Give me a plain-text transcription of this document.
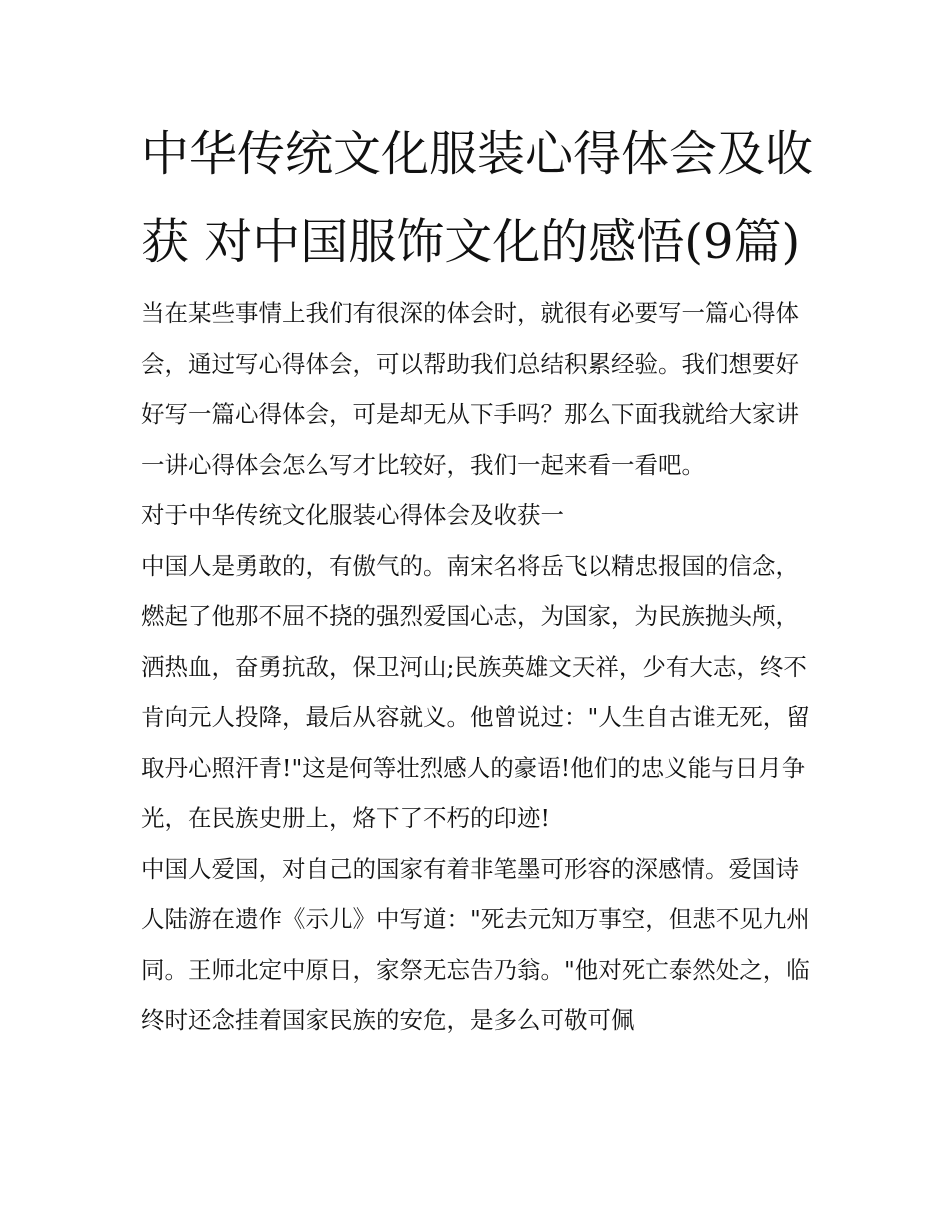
中华传统文化服装心得体会及收获 对中国服饰文化的感悟(9篇)

当在某些事情上我们有很深的体会时，就很有必要写一篇心得体会，通过写心得体会，可以帮助我们总结积累经验。我们想要好好写一篇心得体会，可是却无从下手吗？那么下面我就给大家讲一讲心得体会怎么写才比较好，我们一起来看一看吧。

对于中华传统文化服装心得体会及收获一

中国人是勇敢的，有傲气的。南宋名将岳飞以精忠报国的信念，燃起了他那不屈不挠的强烈爱国心志，为国家，为民族抛头颅，洒热血，奋勇抗敌，保卫河山;民族英雄文天祥，少有大志，终不肯向元人投降，最后从容就义。他曾说过："人生自古谁无死，留取丹心照汗青!"这是何等壮烈感人的豪语!他们的忠义能与日月争光，在民族史册上，烙下了不朽的印迹!

中国人爱国，对自己的国家有着非笔墨可形容的深感情。爱国诗人陆游在遗作《示儿》中写道："死去元知万事空，但悲不见九州同。王师北定中原日，家祭无忘告乃翁。"他对死亡泰然处之，临终时还念挂着国家民族的安危，是多么可敬可佩
